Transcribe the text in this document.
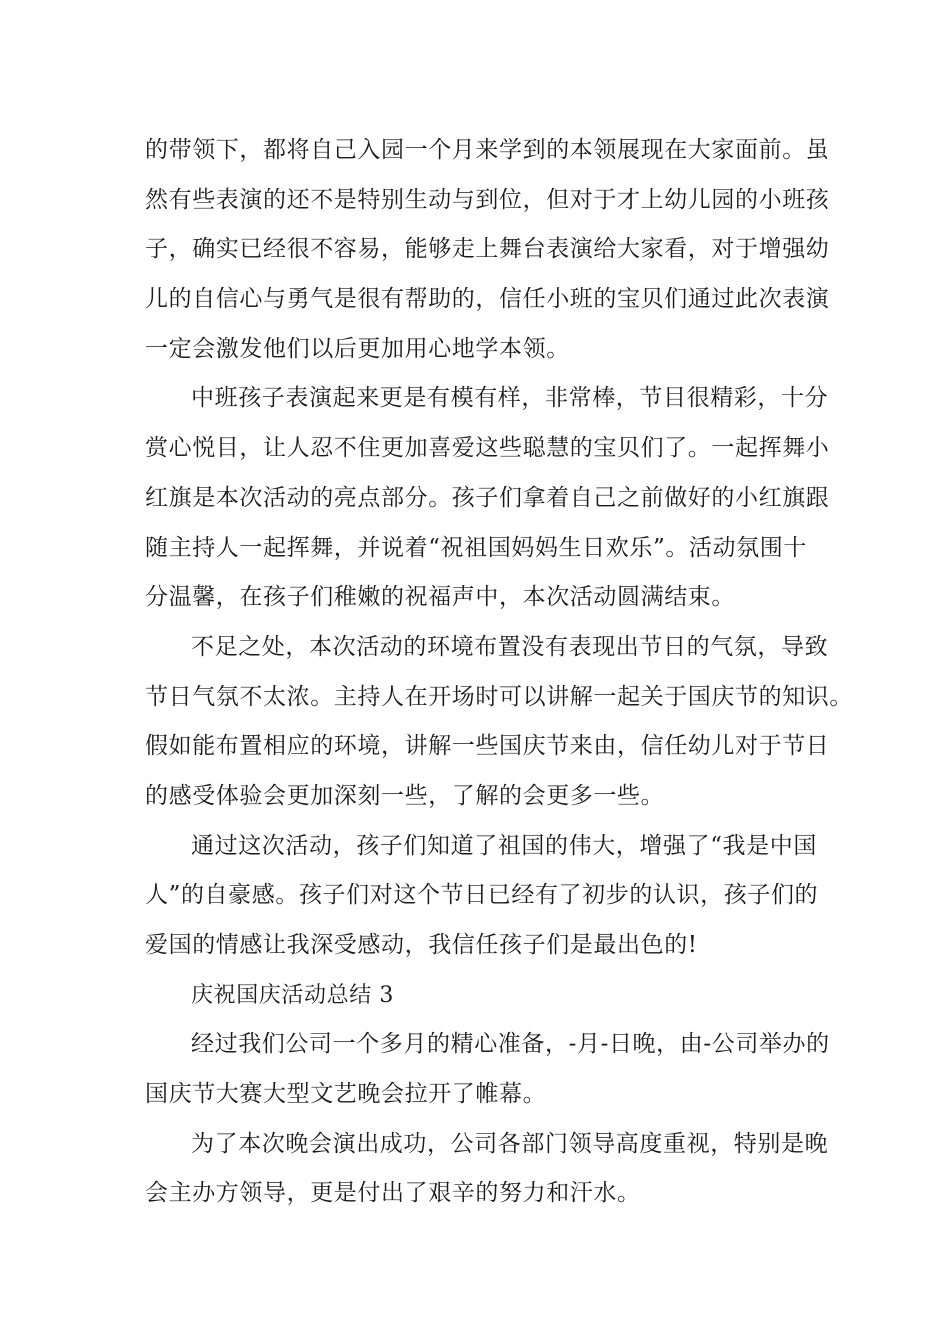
的带领下，都将自己入园一个月来学到的本领展现在大家面前。虽
然有些表演的还不是特别生动与到位，但对于才上幼儿园的小班孩
子，确实已经很不容易，能够走上舞台表演给大家看，对于增强幼
儿的自信心与勇气是很有帮助的，信任小班的宝贝们通过此次表演
一定会激发他们以后更加用心地学本领。
中班孩子表演起来更是有模有样，非常棒，节目很精彩，十分
赏心悦目，让人忍不住更加喜爱这些聪慧的宝贝们了。一起挥舞小
红旗是本次活动的亮点部分。孩子们拿着自己之前做好的小红旗跟
随主持人一起挥舞，并说着“祝祖国妈妈生日欢乐”。活动氛围十
分温馨，在孩子们稚嫩的祝福声中，本次活动圆满结束。
不足之处，本次活动的环境布置没有表现出节日的气氛，导致
节日气氛不太浓。主持人在开场时可以讲解一起关于国庆节的知识。
假如能布置相应的环境，讲解一些国庆节来由，信任幼儿对于节日
的感受体验会更加深刻一些，了解的会更多一些。
通过这次活动，孩子们知道了祖国的伟大，增强了“我是中国
人”的自豪感。孩子们对这个节日已经有了初步的认识，孩子们的
爱国的情感让我深受感动，我信任孩子们是最出色的!
庆祝国庆活动总结 3
经过我们公司一个多月的精心准备，-月-日晚，由-公司举办的
国庆节大赛大型文艺晚会拉开了帷幕。
为了本次晚会演出成功，公司各部门领导高度重视，特别是晚
会主办方领导，更是付出了艰辛的努力和汗水。
